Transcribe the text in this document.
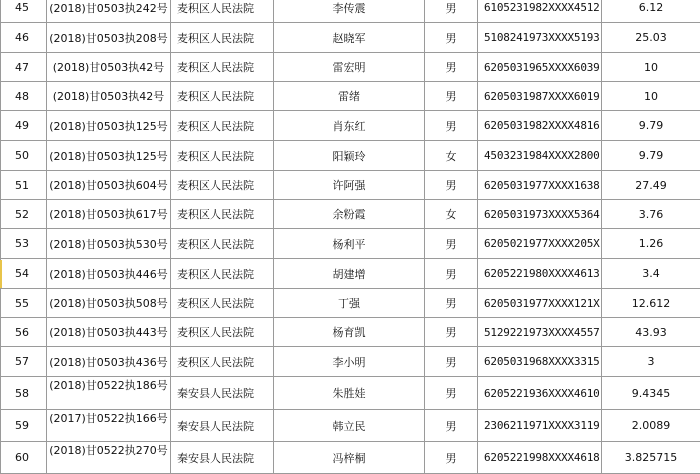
45	(2018)甘0503执242号	麦积区人民法院	李传震	男	6105231982XXXX4512	6.12
46	(2018)甘0503执208号	麦积区人民法院	赵晓军	男	5108241973XXXX5193	25.03
47	(2018)甘0503执42号	麦积区人民法院	雷宏明	男	6205031965XXXX6039	10
48	(2018)甘0503执42号	麦积区人民法院	雷绪	男	6205031987XXXX6019	10
49	(2018)甘0503执125号	麦积区人民法院	肖东红	男	6205031982XXXX4816	9.79
50	(2018)甘0503执125号	麦积区人民法院	阳颖玲	女	4503231984XXXX2800	9.79
51	(2018)甘0503执604号	麦积区人民法院	许阿强	男	6205031977XXXX1638	27.49
52	(2018)甘0503执617号	麦积区人民法院	余粉霞	女	6205031973XXXX5364	3.76
53	(2018)甘0503执530号	麦积区人民法院	杨利平	男	6205021977XXXX205X	1.26
54	(2018)甘0503执446号	麦积区人民法院	胡建增	男	6205221980XXXX4613	3.4
55	(2018)甘0503执508号	麦积区人民法院	丁强	男	6205031977XXXX121X	12.612
56	(2018)甘0503执443号	麦积区人民法院	杨育凯	男	5129221973XXXX4557	43.93
57	(2018)甘0503执436号	麦积区人民法院	李小明	男	6205031968XXXX3315	3
58	(2018)甘0522执186号	秦安县人民法院	朱胜娃	男	6205221936XXXX4610	9.4345
59	(2017)甘0522执166号	秦安县人民法院	韩立民	男	2306211971XXXX3119	2.0089
60	(2018)甘0522执270号	秦安县人民法院	冯梓桐	男	6205221998XXXX4618	3.825715
